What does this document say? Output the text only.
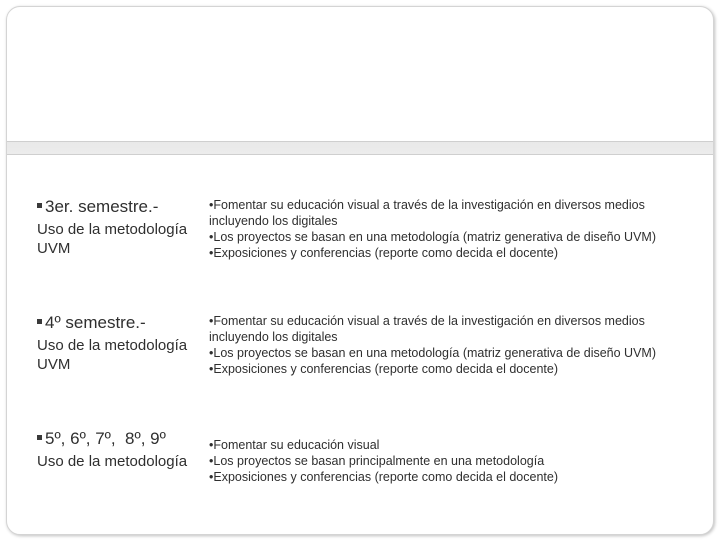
3er. semestre.-
Uso de la metodología UVM
•Fomentar su educación visual a través de la investigación en diversos medios incluyendo los digitales
•Los proyectos se basan en una metodología (matriz generativa de diseño UVM)
•Exposiciones y conferencias (reporte como decida el docente)
4º semestre.-
Uso de la metodología UVM
•Fomentar su educación visual a través de la investigación en diversos medios incluyendo los digitales
•Los proyectos se basan en una metodología (matriz generativa de diseño UVM)
•Exposiciones y conferencias (reporte como decida el docente)
5º, 6º, 7º,  8º, 9º
Uso de la metodología
•Fomentar su educación visual
•Los proyectos se basan principalmente en una metodología
•Exposiciones y conferencias (reporte como decida el docente)
